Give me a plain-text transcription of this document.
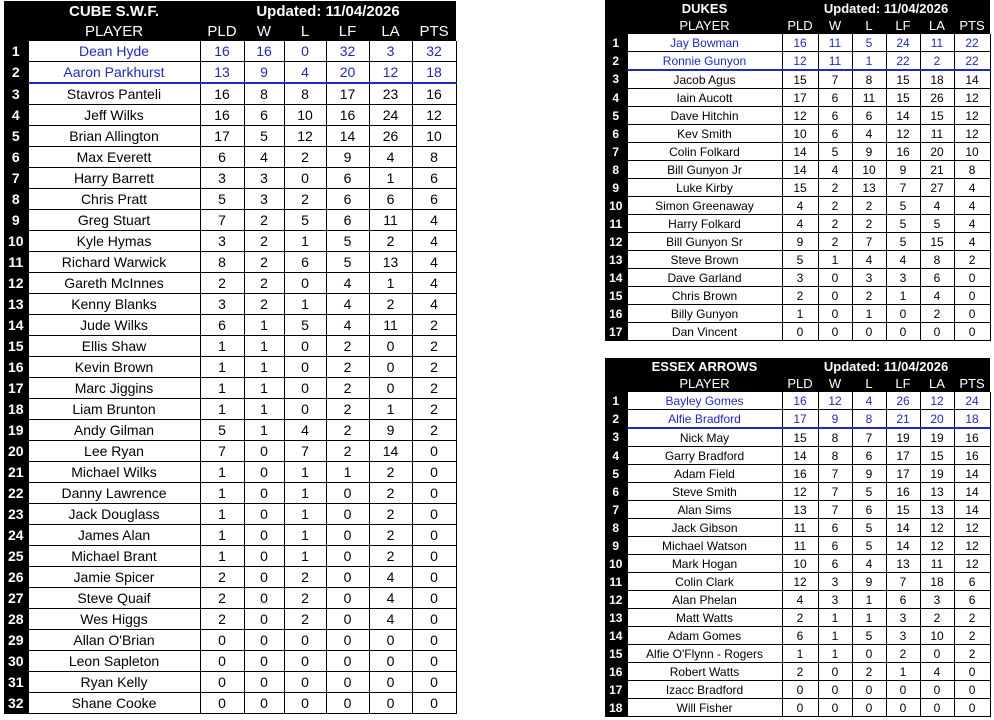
	CUBE S.W.F.	Updated: 11/04/2026					
	PLAYER	PLD	W	L	LF	LA	PTS
1	Dean Hyde	16	16	0	32	3	32
2	Aaron Parkhurst	13	9	4	20	12	18
3	Stavros Panteli	16	8	8	17	23	16
4	Jeff Wilks	16	6	10	16	24	12
5	Brian Allington	17	5	12	14	26	10
6	Max Everett	6	4	2	9	4	8
7	Harry Barrett	3	3	0	6	1	6
8	Chris Pratt	5	3	2	6	6	6
9	Greg Stuart	7	2	5	6	11	4
10	Kyle Hymas	3	2	1	5	2	4
11	Richard Warwick	8	2	6	5	13	4
12	Gareth McInnes	2	2	0	4	1	4
13	Kenny Blanks	3	2	1	4	2	4
14	Jude Wilks	6	1	5	4	11	2
15	Ellis Shaw	1	1	0	2	0	2
16	Kevin Brown	1	1	0	2	0	2
17	Marc Jiggins	1	1	0	2	0	2
18	Liam Brunton	1	1	0	2	1	2
19	Andy Gilman	5	1	4	2	9	2
20	Lee Ryan	7	0	7	2	14	0
21	Michael Wilks	1	0	1	1	2	0
22	Danny Lawrence	1	0	1	0	2	0
23	Jack Douglass	1	0	1	0	2	0
24	James Alan	1	0	1	0	2	0
25	Michael Brant	1	0	1	0	2	0
26	Jamie Spicer	2	0	2	0	4	0
27	Steve Quaif	2	0	2	0	4	0
28	Wes Higgs	2	0	2	0	4	0
29	Allan O'Brian	0	0	0	0	0	0
30	Leon Sapleton	0	0	0	0	0	0
31	Ryan Kelly	0	0	0	0	0	0
32	Shane Cooke	0	0	0	0	0	0
	DUKES	Updated: 11/04/2026					
	PLAYER	PLD	W	L	LF	LA	PTS
1	Jay Bowman	16	11	5	24	11	22
2	Ronnie Gunyon	12	11	1	22	2	22
3	Jacob Agus	15	7	8	15	18	14
4	Iain Aucott	17	6	11	15	26	12
5	Dave Hitchin	12	6	6	14	15	12
6	Kev Smith	10	6	4	12	11	12
7	Colin Folkard	14	5	9	16	20	10
8	Bill Gunyon Jr	14	4	10	9	21	8
9	Luke Kirby	15	2	13	7	27	4
10	Simon Greenaway	4	2	2	5	4	4
11	Harry Folkard	4	2	2	5	5	4
12	Bill Gunyon Sr	9	2	7	5	15	4
13	Steve Brown	5	1	4	4	8	2
14	Dave Garland	3	0	3	3	6	0
15	Chris Brown	2	0	2	1	4	0
16	Billy Gunyon	1	0	1	0	2	0
17	Dan Vincent	0	0	0	0	0	0
	ESSEX ARROWS	Updated: 11/04/2026					
	PLAYER	PLD	W	L	LF	LA	PTS
1	Bayley Gomes	16	12	4	26	12	24
2	Alfie Bradford	17	9	8	21	20	18
3	Nick May	15	8	7	19	19	16
4	Garry Bradford	14	8	6	17	15	16
5	Adam Field	16	7	9	17	19	14
6	Steve Smith	12	7	5	16	13	14
7	Alan Sims	13	7	6	15	13	14
8	Jack Gibson	11	6	5	14	12	12
9	Michael Watson	11	6	5	14	12	12
10	Mark Hogan	10	6	4	13	11	12
11	Colin Clark	12	3	9	7	18	6
12	Alan Phelan	4	3	1	6	3	6
13	Matt Watts	2	1	1	3	2	2
14	Adam Gomes	6	1	5	3	10	2
15	Alfie O'Flynn - Rogers	1	1	0	2	0	2
16	Robert Watts	2	0	2	1	4	0
17	Izacc Bradford	0	0	0	0	0	0
18	Will Fisher	0	0	0	0	0	0
